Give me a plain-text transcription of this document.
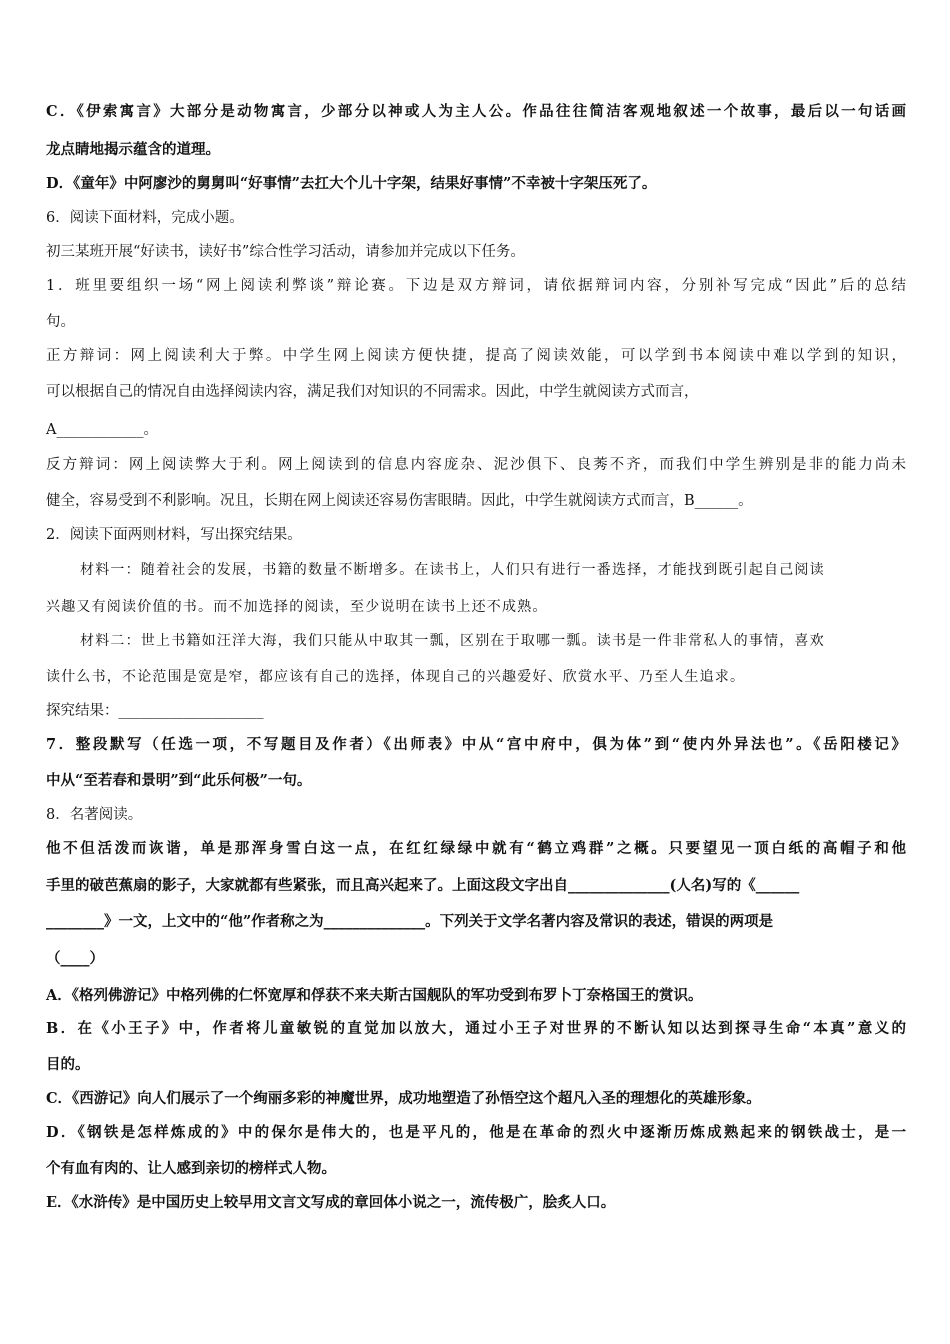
C．《伊索寓言》大部分是动物寓言，少部分以神或人为主人公。作品往往简洁客观地叙述一个故事，最后以一句话画
龙点睛地揭示蕴含的道理。
D．《童年》中阿廖沙的舅舅叫“好事情”去扛大个儿十字架，结果好事情”不幸被十字架压死了。
6．阅读下面材料，完成小题。
初三某班开展“好读书，读好书”综合性学习活动，请参加并完成以下任务。
1．班里要组织一场“网上阅读利弊谈”辩论赛。下边是双方辩词，请依据辩词内容，分别补写完成“因此”后的总结
句。
正方辩词：网上阅读利大于弊。中学生网上阅读方便快捷，提高了阅读效能，可以学到书本阅读中难以学到的知识，
可以根据自己的情况自由选择阅读内容，满足我们对知识的不同需求。因此，中学生就阅读方式而言，
A____________。
反方辩词：网上阅读弊大于利。网上阅读到的信息内容庞杂、泥沙俱下、良莠不齐，而我们中学生辨别是非的能力尚未
健全，容易受到不利影响。况且，长期在网上阅读还容易伤害眼睛。因此，中学生就阅读方式而言，B______。
2．阅读下面两则材料，写出探究结果。
材料一：随着社会的发展，书籍的数量不断增多。在读书上，人们只有进行一番选择，才能找到既引起自己阅读
兴趣又有阅读价值的书。而不加选择的阅读，至少说明在读书上还不成熟。
材料二：世上书籍如汪洋大海，我们只能从中取其一瓢，区别在于取哪一瓢。读书是一件非常私人的事情，喜欢
读什么书，不论范围是宽是窄，都应该有自己的选择，体现自己的兴趣爱好、欣赏水平、乃至人生追求。
探究结果：____________________
7．整段默写（任选一项，不写题目及作者）《出师表》中从“宫中府中，俱为体”到“使内外异法也”。《岳阳楼记》
中从“至若春和景明”到“此乐何极”一句。
8．名著阅读。
他不但活泼而诙谐，单是那浑身雪白这一点，在红红绿绿中就有“鹤立鸡群”之概。只要望见一顶白纸的高帽子和他
手里的破芭蕉扇的影子，大家就都有些紧张，而且高兴起来了。上面这段文字出自______________(人名)写的《______
________》一文，上文中的“他”作者称之为______________。下列关于文学名著内容及常识的表述，错误的两项是
（____）
A．《格列佛游记》中格列佛的仁怀宽厚和俘获不来夫斯古国舰队的军功受到布罗卜丁奈格国王的赏识。
B．在《小王子》中，作者将儿童敏锐的直觉加以放大，通过小王子对世界的不断认知以达到探寻生命“本真”意义的
目的。
C．《西游记》向人们展示了一个绚丽多彩的神魔世界，成功地塑造了孙悟空这个超凡入圣的理想化的英雄形象。
D．《钢铁是怎样炼成的》中的保尔是伟大的，也是平凡的，他是在革命的烈火中逐渐历炼成熟起来的钢铁战士，是一
个有血有肉的、让人感到亲切的榜样式人物。
E．《水浒传》是中国历史上较早用文言文写成的章回体小说之一，流传极广，脍炙人口。
